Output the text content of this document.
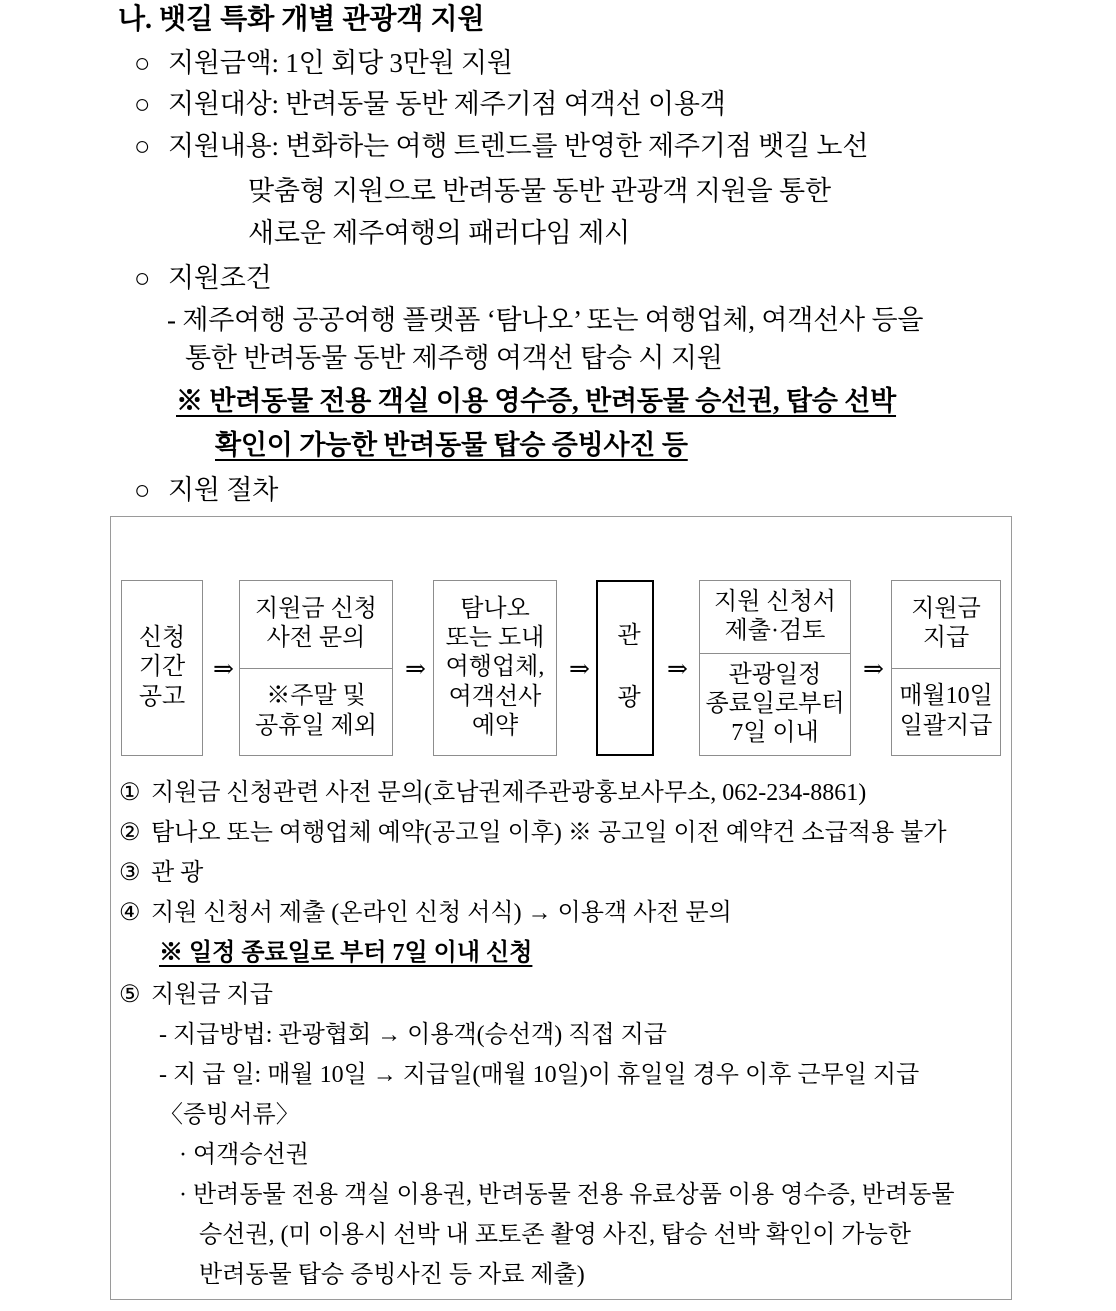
나. 뱃길 특화 개별 관광객 지원
○ 지원금액: 1인 회당 3만원 지원
○ 지원대상: 반려동물 동반 제주기점 여객선 이용객
○ 지원내용: 변화하는 여행 트렌드를 반영한 제주기점 뱃길 노선
맞춤형 지원으로 반려동물 동반 관광객 지원을 통한
새로운 제주여행의 패러다임 제시
○ 지원조건
- 제주여행 공공여행 플랫폼 ‘탐나오’ 또는 여행업체, 여객선사 등을
통한 반려동물 동반 제주행 여객선 탑승 시 지원
※ 반려동물 전용 객실 이용 영수증, 반려동물 승선권, 탑승 선박
확인이 가능한 반려동물 탑승 증빙사진 등
○ 지원 절차
신청
기간
공고
⇒
지원금 신청
사전 문의
※주말 및
공휴일 제외
⇒
탐나오
또는 도내
여행업체,
여객선사
예약
⇒ 관 광 ⇒
지원 신청서
제출·검토
관광일정
종료일로부터
7일 이내
⇒
지원금
지급
매월10일
일괄지급
① 지원금 신청관련 사전 문의(호남권제주관광홍보사무소, 062-234-8861)
② 탐나오 또는 여행업체 예약(공고일 이후) ※ 공고일 이전 예약건 소급적용 불가
③ 관 광
④ 지원 신청서 제출 (온라인 신청 서식) → 이용객 사전 문의
※ 일정 종료일로 부터 7일 이내 신청
⑤ 지원금 지급
- 지급방법: 관광협회 → 이용객(승선객) 직접 지급
- 지 급 일: 매월 10일 → 지급일(매월 10일)이 휴일일 경우 이후 근무일 지급
〈증빙서류〉
· 여객승선권
· 반려동물 전용 객실 이용권, 반려동물 전용 유료상품 이용 영수증, 반려동물
승선권, (미 이용시 선박 내 포토존 촬영 사진, 탑승 선박 확인이 가능한
반려동물 탑승 증빙사진 등 자료 제출)
